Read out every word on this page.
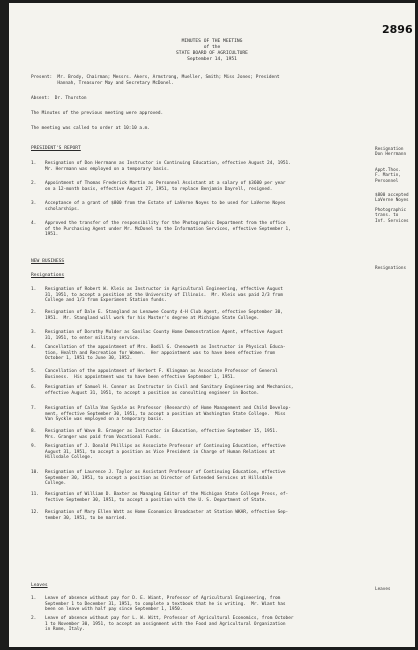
2896
MINUTES OF THE MEETING
of the
STATE BOARD OF AGRICULTURE
September 14, 1951
Present:  Mr. Brody, Chairman; Messrs. Akers, Armstrong, Mueller, Smith; Miss Jones; President
Hannah, Treasurer May and Secretary McDonel.
Absent:  Dr. Thurston
The Minutes of the previous meeting were approved.
The meeting was called to order at 10:10 a.m.
PRESIDENT'S REPORT
1. Resignation of Don Herrmann as Instructor in Continuing Education, effective August 24, 1951.
Mr. Herrmann was employed on a temporary basis.
2. Appointment of Thomas Frederick Martin as Personnel Assistant at a salary of $3600 per year
on a 12-month basis, effective August 27, 1951, to replace Benjamin Dayrell, resigned.
3. Acceptance of a grant of $800 from the Estate of LaVerne Noyes to be used for LaVerne Noyes
scholarships.
4. Approved the transfer of the responsibility for the Photographic Department from the office
of the Purchasing Agent under Mr. McDonel to the Information Services, effective September 1,
1951.
Resignation
Don Herrmann
Appt.Thos.
F. Martin,
Personnel
$800 accepted
LaVerne Noyes
Photographic
trans. to
Inf. Services
NEW BUSINESS
Resignations
Resignations
1. Resignation of Robert W. Kleis as Instructor in Agricultural Engineering, effective August
31, 1951, to accept a position at the University of Illinois.  Mr. Kleis was paid 2/3 from
College and 1/3 from Experiment Station funds.
2. Resignation of Dale E. Stangland as Lenawee County 4-H Club Agent, effective September 30,
1951.  Mr. Stangland will work for his Master's degree at Michigan State College.
3. Resignation of Dorothy Mulder as Sanilac County Home Demonstration Agent, effective August
31, 1951, to enter military service.
4. Cancellation of the appointment of Mrs. Bodil G. Chenoweth as Instructor in Physical Educa-
tion, Health and Recreation for Women.  Her appointment was to have been effective from
October 1, 1951 to June 30, 1952.
5. Cancellation of the appointment of Herbert F. Klingman as Associate Professor of General
Business.  His appointment was to have been effective September 1, 1951.
6. Resignation of Samuel H. Connor as Instructor in Civil and Sanitary Engineering and Mechanics,
effective August 31, 1951, to accept a position as consulting engineer in Boston.
7. Resignation of Calla Van Syckle as Professor (Research) of Home Management and Child Develop-
ment, effective September 30, 1951, to accept a position at Washington State College.  Miss
Van Syckle was employed on a temporary basis.
8. Resignation of Wave B. Granger as Instructor in Education, effective September 15, 1951.
Mrs. Granger was paid from Vocational Funds.
9. Resignation of J. Donald Phillips as Associate Professor of Continuing Education, effective
August 31, 1951, to accept a position as Vice President in Charge of Human Relations at
Hillsdale College.
10. Resignation of Laurence J. Taylor as Assistant Professor of Continuing Education, effective
September 30, 1951, to accept a position as Director of Extended Services at Hillsdale
College.
11. Resignation of William D. Baxter as Managing Editor of the Michigan State College Press, ef-
fective September 30, 1951, to accept a position with the U. S. Department of State.
12. Resignation of Mary Ellen Watt as Home Economics Broadcaster at Station WKAR, effective Sep-
tember 30, 1951, to be married.
Leaves
Leaves
1. Leave of absence without pay for D. E. Wiant, Professor of Agricultural Engineering, from
September 1 to December 31, 1951, to complete a textbook that he is writing.  Mr. Wiant has
been on leave with half pay since September 1, 1950.
2. Leave of absence without pay for L. W. Witt, Professor of Agricultural Economics, from October
1 to November 30, 1951, to accept an assignment with the Food and Agricultural Organization
in Rome, Italy.
